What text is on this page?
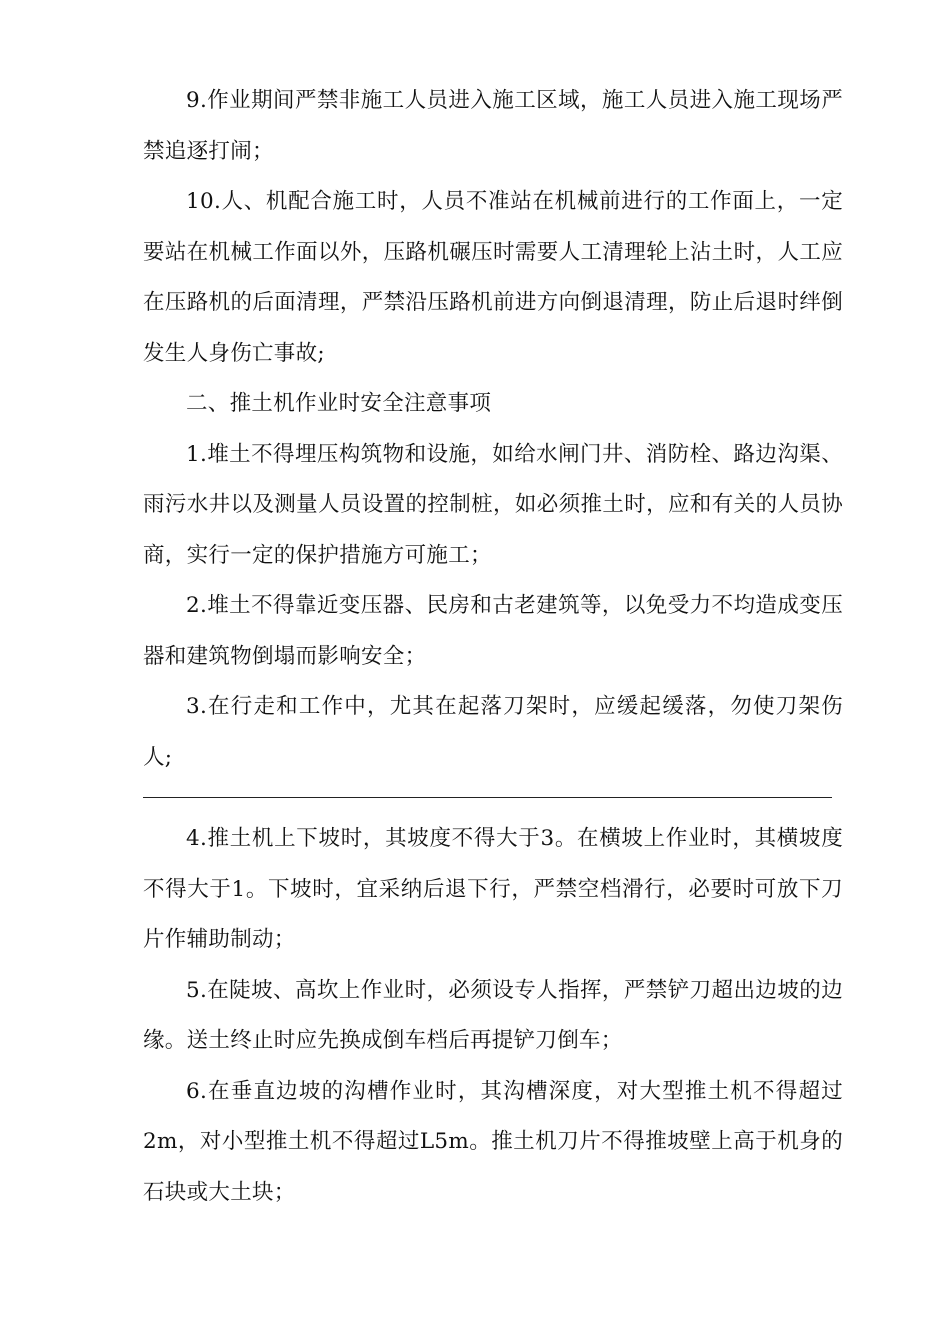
9.作业期间严禁非施工人员进入施工区域，施工人员进入施工现场严禁追逐打闹；

10.人、机配合施工时，人员不准站在机械前进行的工作面上，一定要站在机械工作面以外，压路机碾压时需要人工清理轮上沾土时，人工应在压路机的后面清理，严禁沿压路机前进方向倒退清理，防止后退时绊倒发生人身伤亡事故;

二、推土机作业时安全注意事项

1.堆土不得埋压构筑物和设施，如给水闸门井、消防栓、路边沟渠、雨污水井以及测量人员设置的控制桩，如必须推土时，应和有关的人员协商，实行一定的保护措施方可施工；

2.堆土不得靠近变压器、民房和古老建筑等，以免受力不均造成变压器和建筑物倒塌而影响安全；

3.在行走和工作中，尤其在起落刀架时，应缓起缓落，勿使刀架伤人;

4.推土机上下坡时，其坡度不得大于3。在横坡上作业时，其横坡度不得大于1。下坡时，宜采纳后退下行，严禁空档滑行，必要时可放下刀片作辅助制动；

5.在陡坡、高坎上作业时，必须设专人指挥，严禁铲刀超出边坡的边缘。送土终止时应先换成倒车档后再提铲刀倒车；

6.在垂直边坡的沟槽作业时，其沟槽深度，对大型推土机不得超过2m，对小型推土机不得超过L5m。推土机刀片不得推坡壁上高于机身的石块或大土块；
